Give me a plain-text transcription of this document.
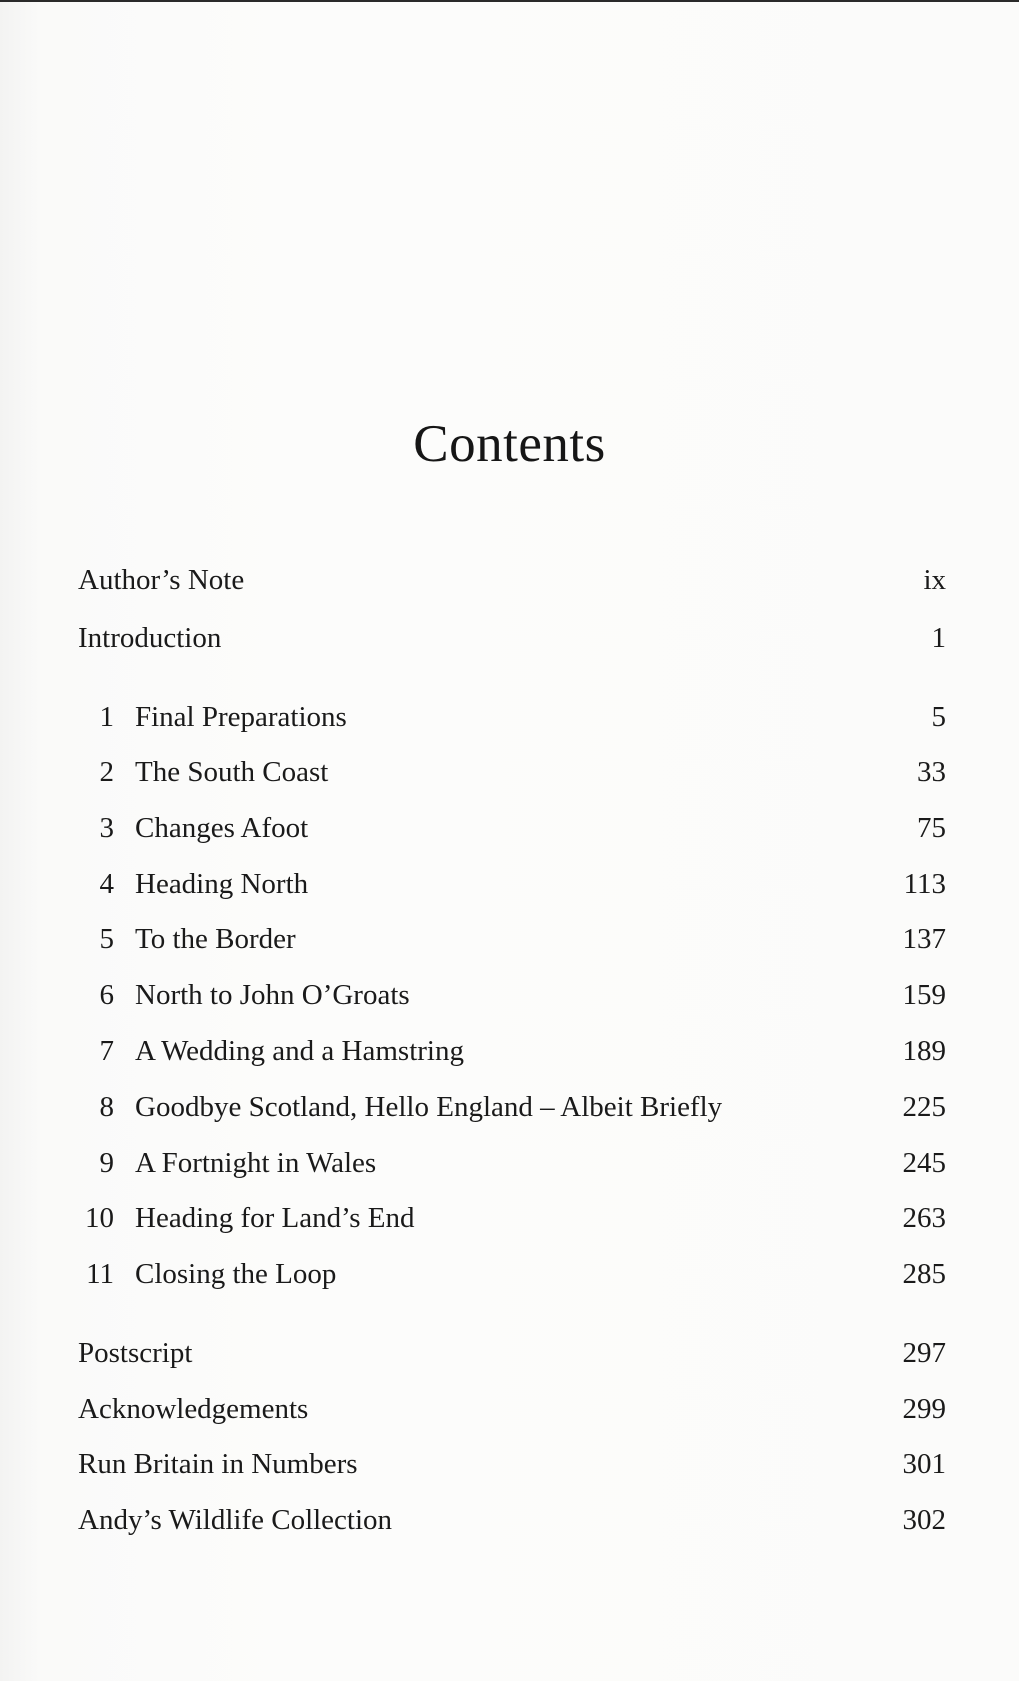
Contents
Author’s Note	ix
Introduction	1
1 Final Preparations	5
2 The South Coast	33
3 Changes Afoot	75
4 Heading North	113
5 To the Border	137
6 North to John O’Groats	159
7 A Wedding and a Hamstring	189
8 Goodbye Scotland, Hello England – Albeit Briefly	225
9 A Fortnight in Wales	245
10 Heading for Land’s End	263
11 Closing the Loop	285
Postscript	297
Acknowledgements	299
Run Britain in Numbers	301
Andy’s Wildlife Collection	302
